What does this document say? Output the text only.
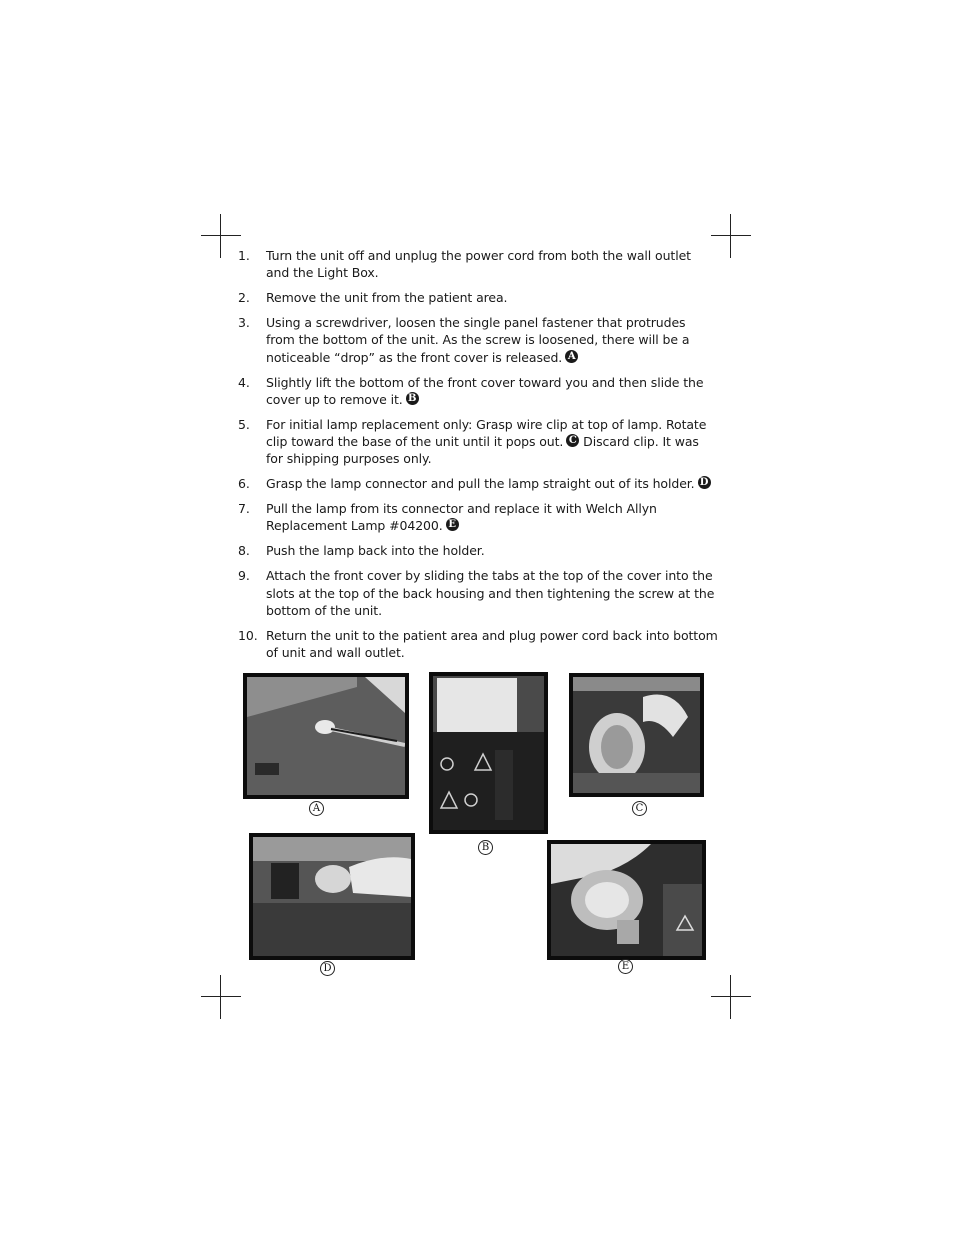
1.	Turn the unit off and unplug the power cord from both the wall outlet and the Light Box.
2.	Remove the unit from the patient area.
3.	Using a screwdriver, loosen the single panel fastener that protrudes from the bottom of the unit. As the screw is loosened, there will be a noticeable “drop” as the front cover is released. A
4.	Slightly lift the bottom of the front cover toward you and then slide the cover up to remove it. B
5.	For initial lamp replacement only: Grasp wire clip at top of lamp. Rotate clip toward the base of the unit until it pops out. C Discard clip. It was for shipping purposes only.
6.	Grasp the lamp connector and pull the lamp straight out of its holder. D
7.	Pull the lamp from its connector and replace it with Welch Allyn Replacement Lamp #04200. E
8.	Push the lamp back into the holder.
9.	Attach the front cover by sliding the tabs at the top of the cover into the slots at the top of the back housing and then tightening the screw at the bottom of the unit.
10. Return the unit to the patient area and plug power cord back into bottom of unit and wall outlet.
A
B
C
D	E
